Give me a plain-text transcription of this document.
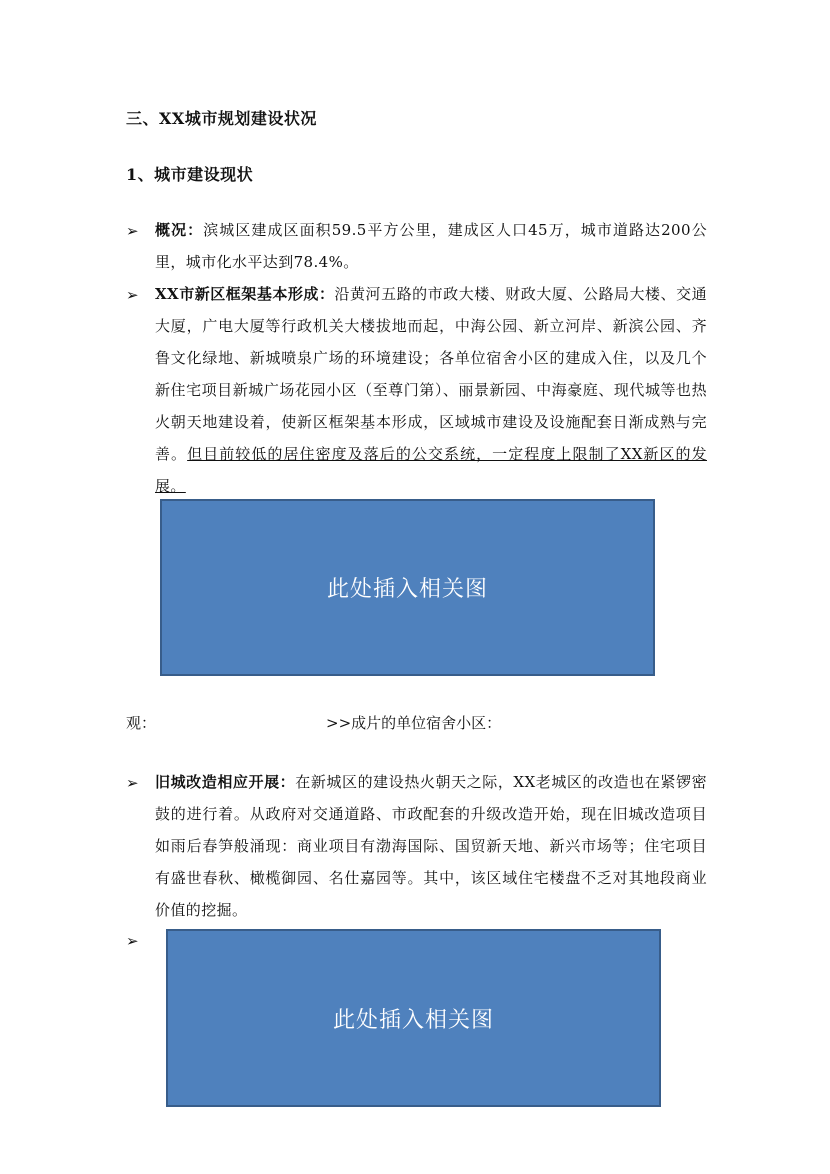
三、XX城市规划建设状况
1、城市建设现状
➢ 概况：滨城区建成区面积59.5平方公里，建成区人口45万，城市道路达200公里，城市化水平达到78.4%。
➢ XX市新区框架基本形成：沿黄河五路的市政大楼、财政大厦、公路局大楼、交通大厦，广电大厦等行政机关大楼拔地而起，中海公园、新立河岸、新滨公园、齐鲁文化绿地、新城喷泉广场的环境建设；各单位宿舍小区的建成入住，以及几个新住宅项目新城广场花园小区（至尊门第）、丽景新园、中海豪庭、现代城等也热火朝天地建设着，使新区框架基本形成，区域城市建设及设施配套日渐成熟与完善。但目前较低的居住密度及落后的公交系统，一定程度上限制了XX新区的发展。
此处插入相关图
观：	>>成片的单位宿舍小区：
➢ 旧城改造相应开展：在新城区的建设热火朝天之际，XX老城区的改造也在紧锣密鼓的进行着。从政府对交通道路、市政配套的升级改造开始，现在旧城改造项目如雨后春笋般涌现：商业项目有渤海国际、国贸新天地、新兴市场等；住宅项目有盛世春秋、橄榄御园、名仕嘉园等。其中，该区域住宅楼盘不乏对其地段商业价值的挖掘。
➢
此处插入相关图
